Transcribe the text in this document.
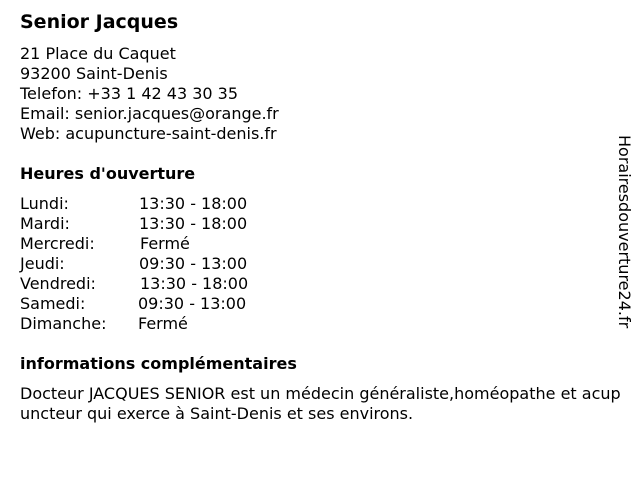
Senior Jacques
21 Place du Caquet
93200 Saint-Denis
Telefon: +33 1 42 43 30 35
Email: senior.jacques@orange.fr
Web: acupuncture-saint-denis.fr
Heures d'ouverture
Lundi:	13:30 - 18:00
Mardi:	13:30 - 18:00
Mercredi:	Fermé
Jeudi:	09:30 - 13:00
Vendredi:	13:30 - 18:00
Samedi:	09:30 - 13:00
Dimanche: Fermé
informations complémentaires
Docteur JACQUES SENIOR est un médecin généraliste,homéopathe et acupuncteur qui exerce à Saint-Denis et ses environs.
Horairesdouverture24.fr
